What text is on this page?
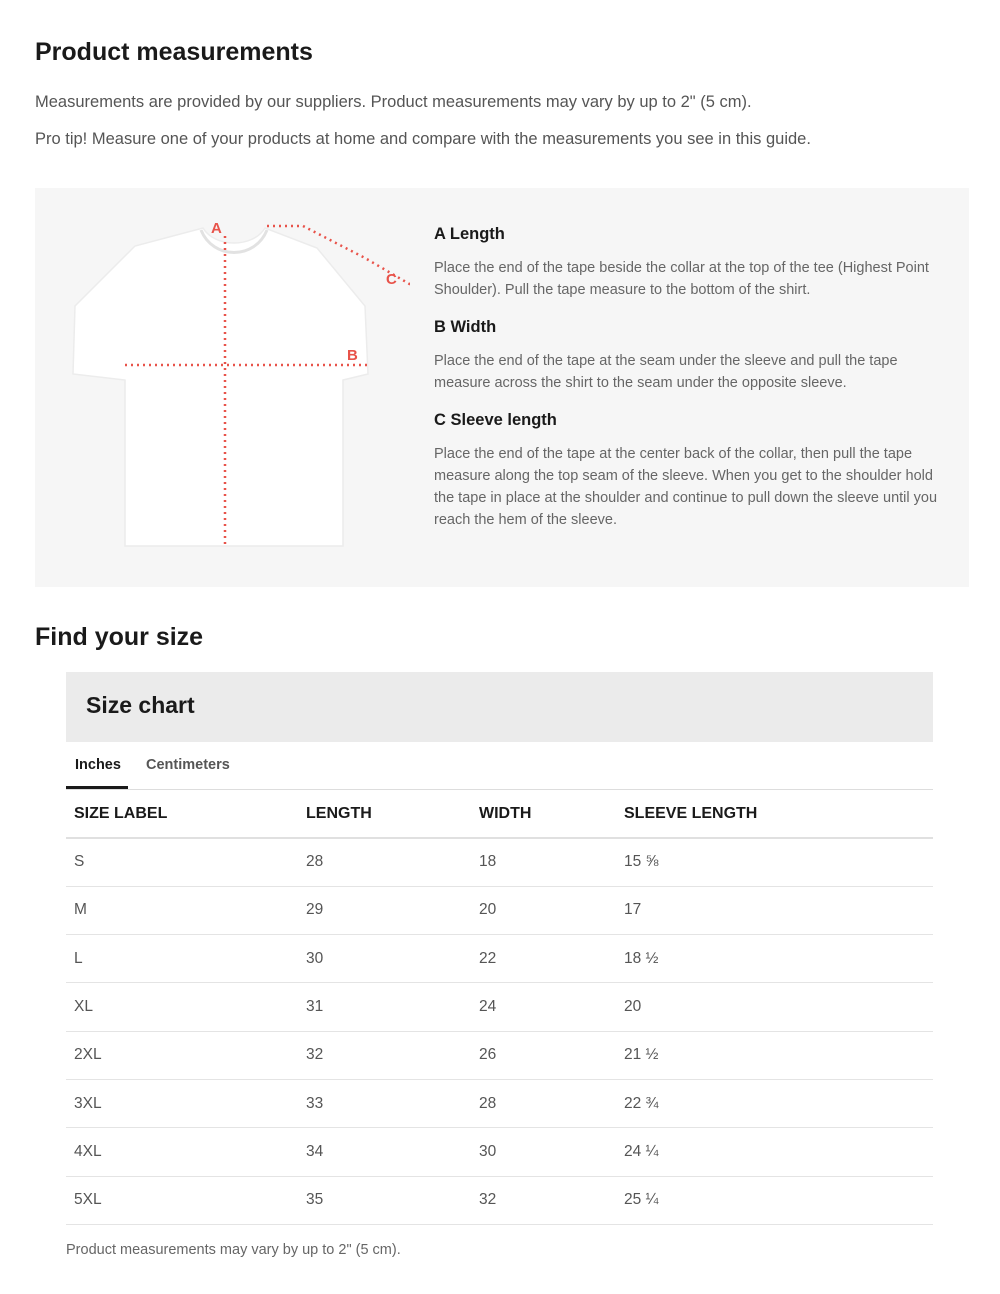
Product measurements
Measurements are provided by our suppliers. Product measurements may vary by up to 2" (5 cm).
Pro tip! Measure one of your products at home and compare with the measurements you see in this guide.
A
B
C
A Length
Place the end of the tape beside the collar at the top of the tee (Highest Point Shoulder). Pull the tape measure to the bottom of the shirt.
B Width
Place the end of the tape at the seam under the sleeve and pull the tape measure across the shirt to the seam under the opposite sleeve.
C Sleeve length
Place the end of the tape at the center back of the collar, then pull the tape measure along the top seam of the sleeve. When you get to the shoulder hold the tape in place at the shoulder and continue to pull down the sleeve until you reach the hem of the sleeve.
Find your size
Size chart
Inches Centimeters
SIZE LABEL	LENGTH	WIDTH	SLEEVE LENGTH
S	28	18	15 ⅝
M	29	20	17
L	30	22	18 ½
XL	31	24	20
2XL	32	26	21 ½
3XL	33	28	22 ¾
4XL	34	30	24 ¼
5XL	35	32	25 ¼
Product measurements may vary by up to 2" (5 cm).
